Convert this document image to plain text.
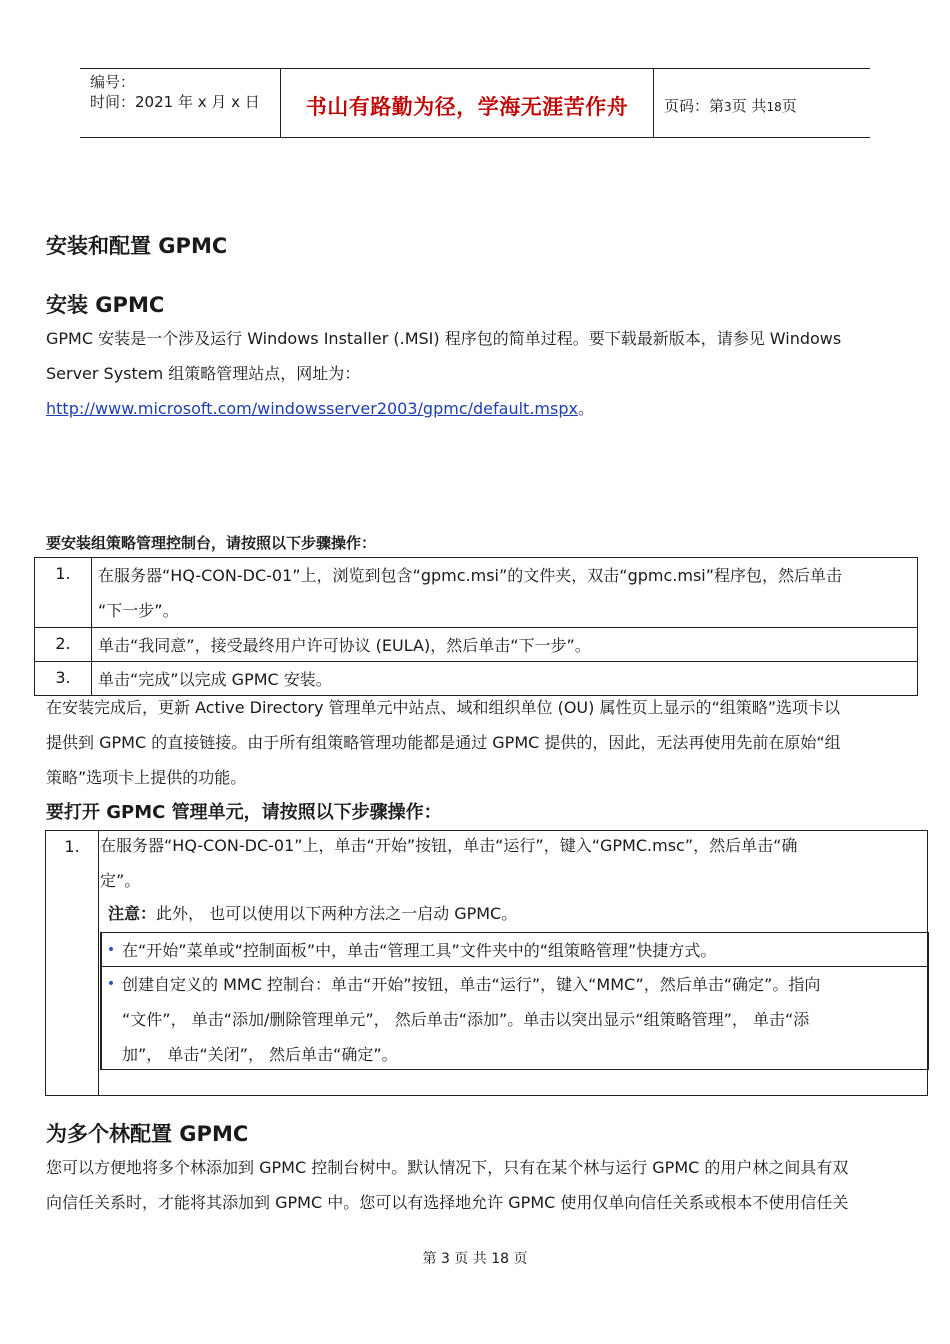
编号：
时间：2021 年 x 月 x 日	书山有路勤为径，学海无涯苦作舟	页码：第3页 共18页
安装和配置 GPMC
安装 GPMC
GPMC 安装是一个涉及运行 Windows Installer (.MSI) 程序包的简单过程。要下载最新版本，请参见 Windows
Server System 组策略管理站点，网址为：
http://www.microsoft.com/windowsserver2003/gpmc/default.mspx。
要安装组策略管理控制台，请按照以下步骤操作：
1.	在服务器“HQ-CON-DC-01”上，浏览到包含“gpmc.msi”的文件夹，双击“gpmc.msi”程序包，然后单击
“下一步”。
2.	单击“我同意”，接受最终用户许可协议 (EULA)，然后单击“下一步”。
3.	单击“完成”以完成 GPMC 安装。
在安装完成后，更新 Active Directory 管理单元中站点、域和组织单位 (OU) 属性页上显示的“组策略”选项卡以
提供到 GPMC 的直接链接。由于所有组策略管理功能都是通过 GPMC 提供的，因此，无法再使用先前在原始“组
策略”选项卡上提供的功能。
要打开 GPMC 管理单元，请按照以下步骤操作：
1.	在服务器“HQ-CON-DC-01”上，单击“开始”按钮，单击“运行”，键入“GPMC.msc”，然后单击“确
定”。
注意：此外， 也可以使用以下两种方法之一启动 GPMC。
• 在“开始”菜单或“控制面板”中，单击“管理工具”文件夹中的“组策略管理”快捷方式。
• 创建自定义的 MMC 控制台：单击“开始”按钮，单击“运行”，键入“MMC”，然后单击“确定”。指向
“文件”， 单击“添加/删除管理单元”， 然后单击“添加”。单击以突出显示“组策略管理”， 单击“添
加”， 单击“关闭”， 然后单击“确定”。
为多个林配置 GPMC
您可以方便地将多个林添加到 GPMC 控制台树中。默认情况下，只有在某个林与运行 GPMC 的用户林之间具有双
向信任关系时，才能将其添加到 GPMC 中。您可以有选择地允许 GPMC 使用仅单向信任关系或根本不使用信任关
第 3 页 共 18 页
